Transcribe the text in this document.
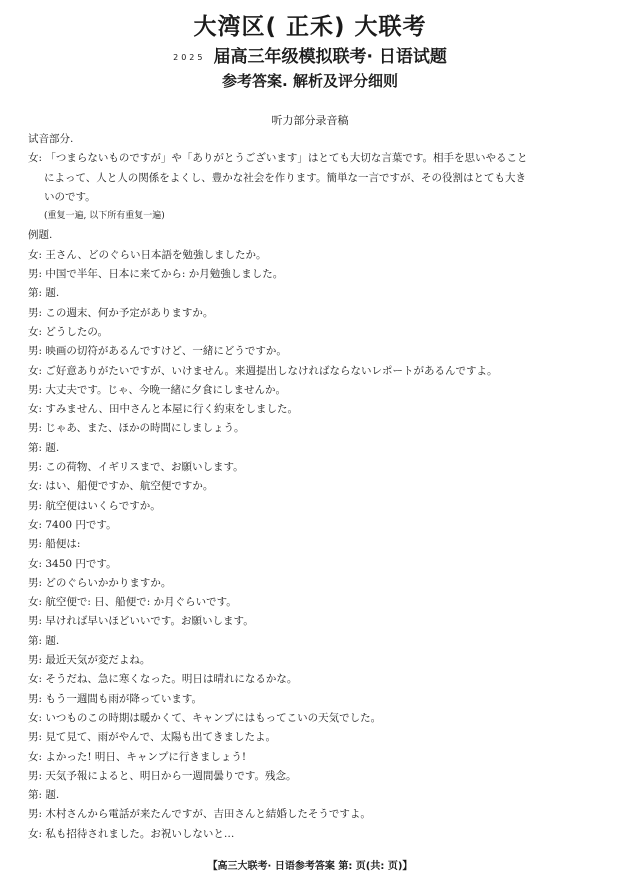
大湾区( 正禾) 大联考
2025 届高三年级模拟联考· 日语试题
参考答案. 解析及评分细则
听力部分录音稿
试音部分.
女: 「つまらないものですが」や「ありがとうございます」はとても大切な言葉です。相手を思いやること
によって、人と人の関係をよくし、豊かな社会を作ります。簡単な一言ですが、その役割はとても大き
いのです。
(重复一遍, 以下所有重复一遍)
例题.
女: 王さん、どのぐらい日本語を勉強しましたか。
男: 中国で半年、日本に来てから: か月勉強しました。
第: 题.
男: この週末、何か予定がありますか。
女: どうしたの。
男: 映画の切符があるんですけど、一緒にどうですか。
女: ご好意ありがたいですが、いけません。来週提出しなければならないレポートがあるんですよ。
男: 大丈夫です。じゃ、今晩一緒に夕食にしませんか。
女: すみません、田中さんと本屋に行く約束をしました。
男: じゃあ、また、ほかの時間にしましょう。
第: 题.
男: この荷物、イギリスまで、お願いします。
女: はい、船便ですか、航空便ですか。
男: 航空便はいくらですか。
女: 7400 円です。
男: 船便は:
女: 3450 円です。
男: どのぐらいかかりますか。
女: 航空便で: 日、船便で: か月ぐらいです。
男: 早ければ早いほどいいです。お願いします。
第: 题.
男: 最近天気が変だよね。
女: そうだね、急に寒くなった。明日は晴れになるかな。
男: もう一週間も雨が降っています。
女: いつものこの時期は暖かくて、キャンプにはもってこいの天気でした。
男: 見て見て、雨がやんで、太陽も出てきましたよ。
女: よかった! 明日、キャンプに行きましょう!
男: 天気予報によると、明日から一週間曇りです。残念。
第: 题.
男: 木村さんから電話が来たんですが、吉田さんと結婚したそうですよ。
女: 私も招待されました。お祝いしないと…
【高三大联考· 日语参考答案 第: 页(共: 页)】
